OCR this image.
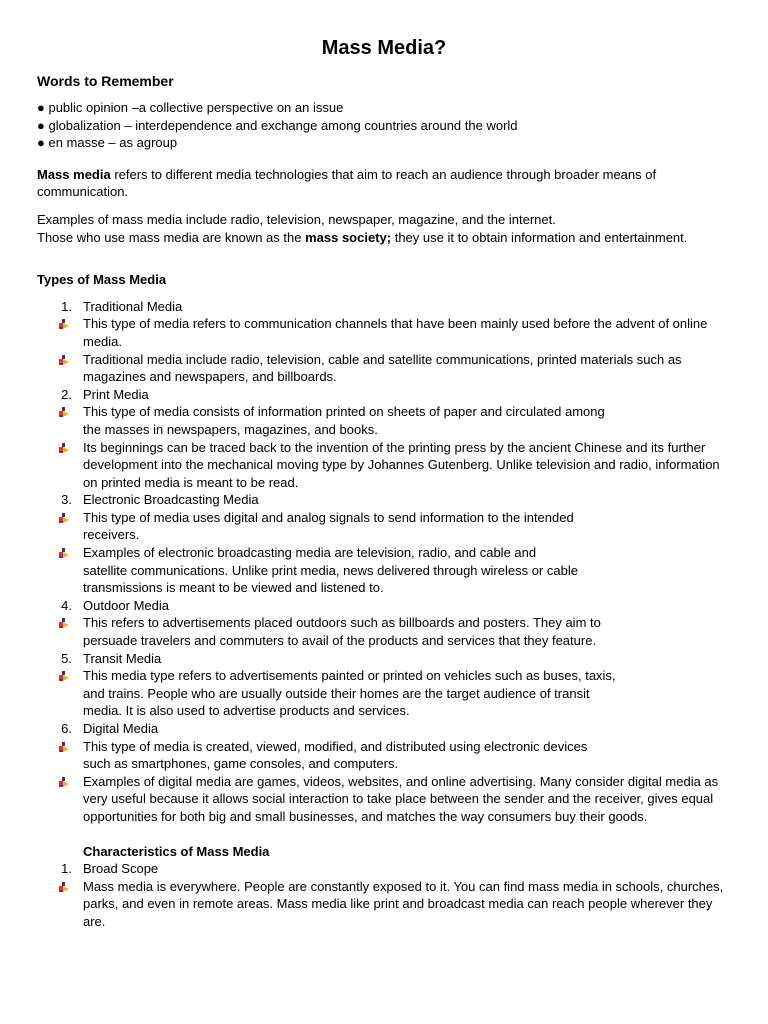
Mass Media?
Words to Remember
● public opinion –a collective perspective on an issue
● globalization – interdependence and exchange among countries around the world
● en masse – as agroup

Mass media refers to different media technologies that aim to reach an audience through broader means of communication.

Examples of mass media include radio, television, newspaper, magazine, and the internet.
Those who use mass media are known as the mass society; they use it to obtain information and entertainment.

Types of Mass Media
1. Traditional Media
This type of media refers to communication channels that have been mainly used before the advent of online
media.
Traditional media include radio, television, cable and satellite communications, printed materials such as
magazines and newspapers, and billboards.
2. Print Media
This type of media consists of information printed on sheets of paper and circulated among
the masses in newspapers, magazines, and books.
Its beginnings can be traced back to the invention of the printing press by the ancient Chinese and its further
development into the mechanical moving type by Johannes Gutenberg. Unlike television and radio, information
on printed media is meant to be read.
3. Electronic Broadcasting Media
This type of media uses digital and analog signals to send information to the intended
receivers.
Examples of electronic broadcasting media are television, radio, and cable and
satellite communications. Unlike print media, news delivered through wireless or cable
transmissions is meant to be viewed and listened to.
4. Outdoor Media
This refers to advertisements placed outdoors such as billboards and posters. They aim to
persuade travelers and commuters to avail of the products and services that they feature.
5. Transit Media
This media type refers to advertisements painted or printed on vehicles such as buses, taxis,
and trains. People who are usually outside their homes are the target audience of transit
media. It is also used to advertise products and services.
6. Digital Media
This type of media is created, viewed, modified, and distributed using electronic devices
such as smartphones, game consoles, and computers.
Examples of digital media are games, videos, websites, and online advertising. Many consider digital media as
very useful because it allows social interaction to take place between the sender and the receiver, gives equal
opportunities for both big and small businesses, and matches the way consumers buy their goods.
Characteristics of Mass Media
1. Broad Scope
Mass media is everywhere. People are constantly exposed to it. You can find mass media in schools, churches,
parks, and even in remote areas. Mass media like print and broadcast media can reach people wherever they
are.
